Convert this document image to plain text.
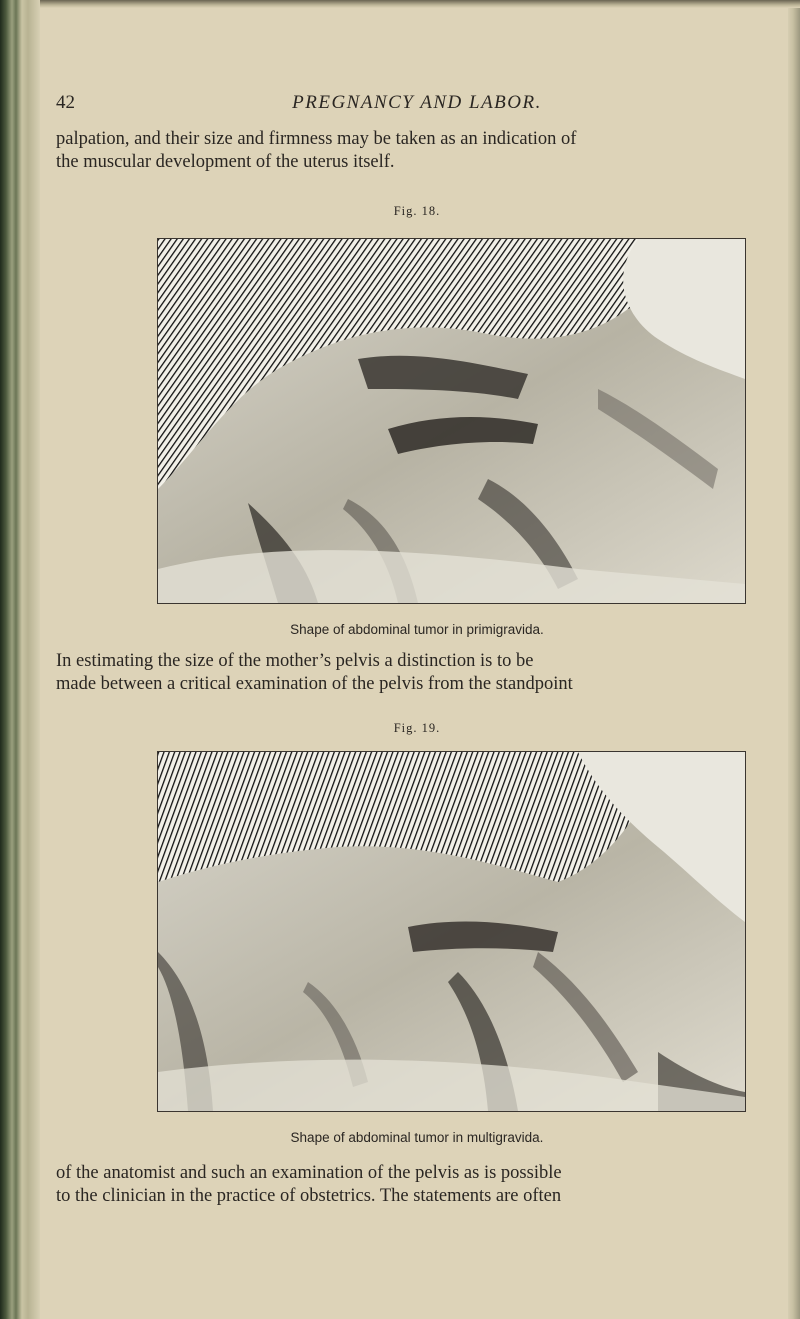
42	PREGNANCY AND LABOR.
palpation, and their size and firmness may be taken as an indication of
the muscular development of the uterus itself.
Fig. 18.
Shape of abdominal tumor in primigravida.
In estimating the size of the mother’s pelvis a distinction is to be
made between a critical examination of the pelvis from the standpoint
Fig. 19.
Shape of abdominal tumor in multigravida.
of the anatomist and such an examination of the pelvis as is possible
to the clinician in the practice of obstetrics. The statements are often
